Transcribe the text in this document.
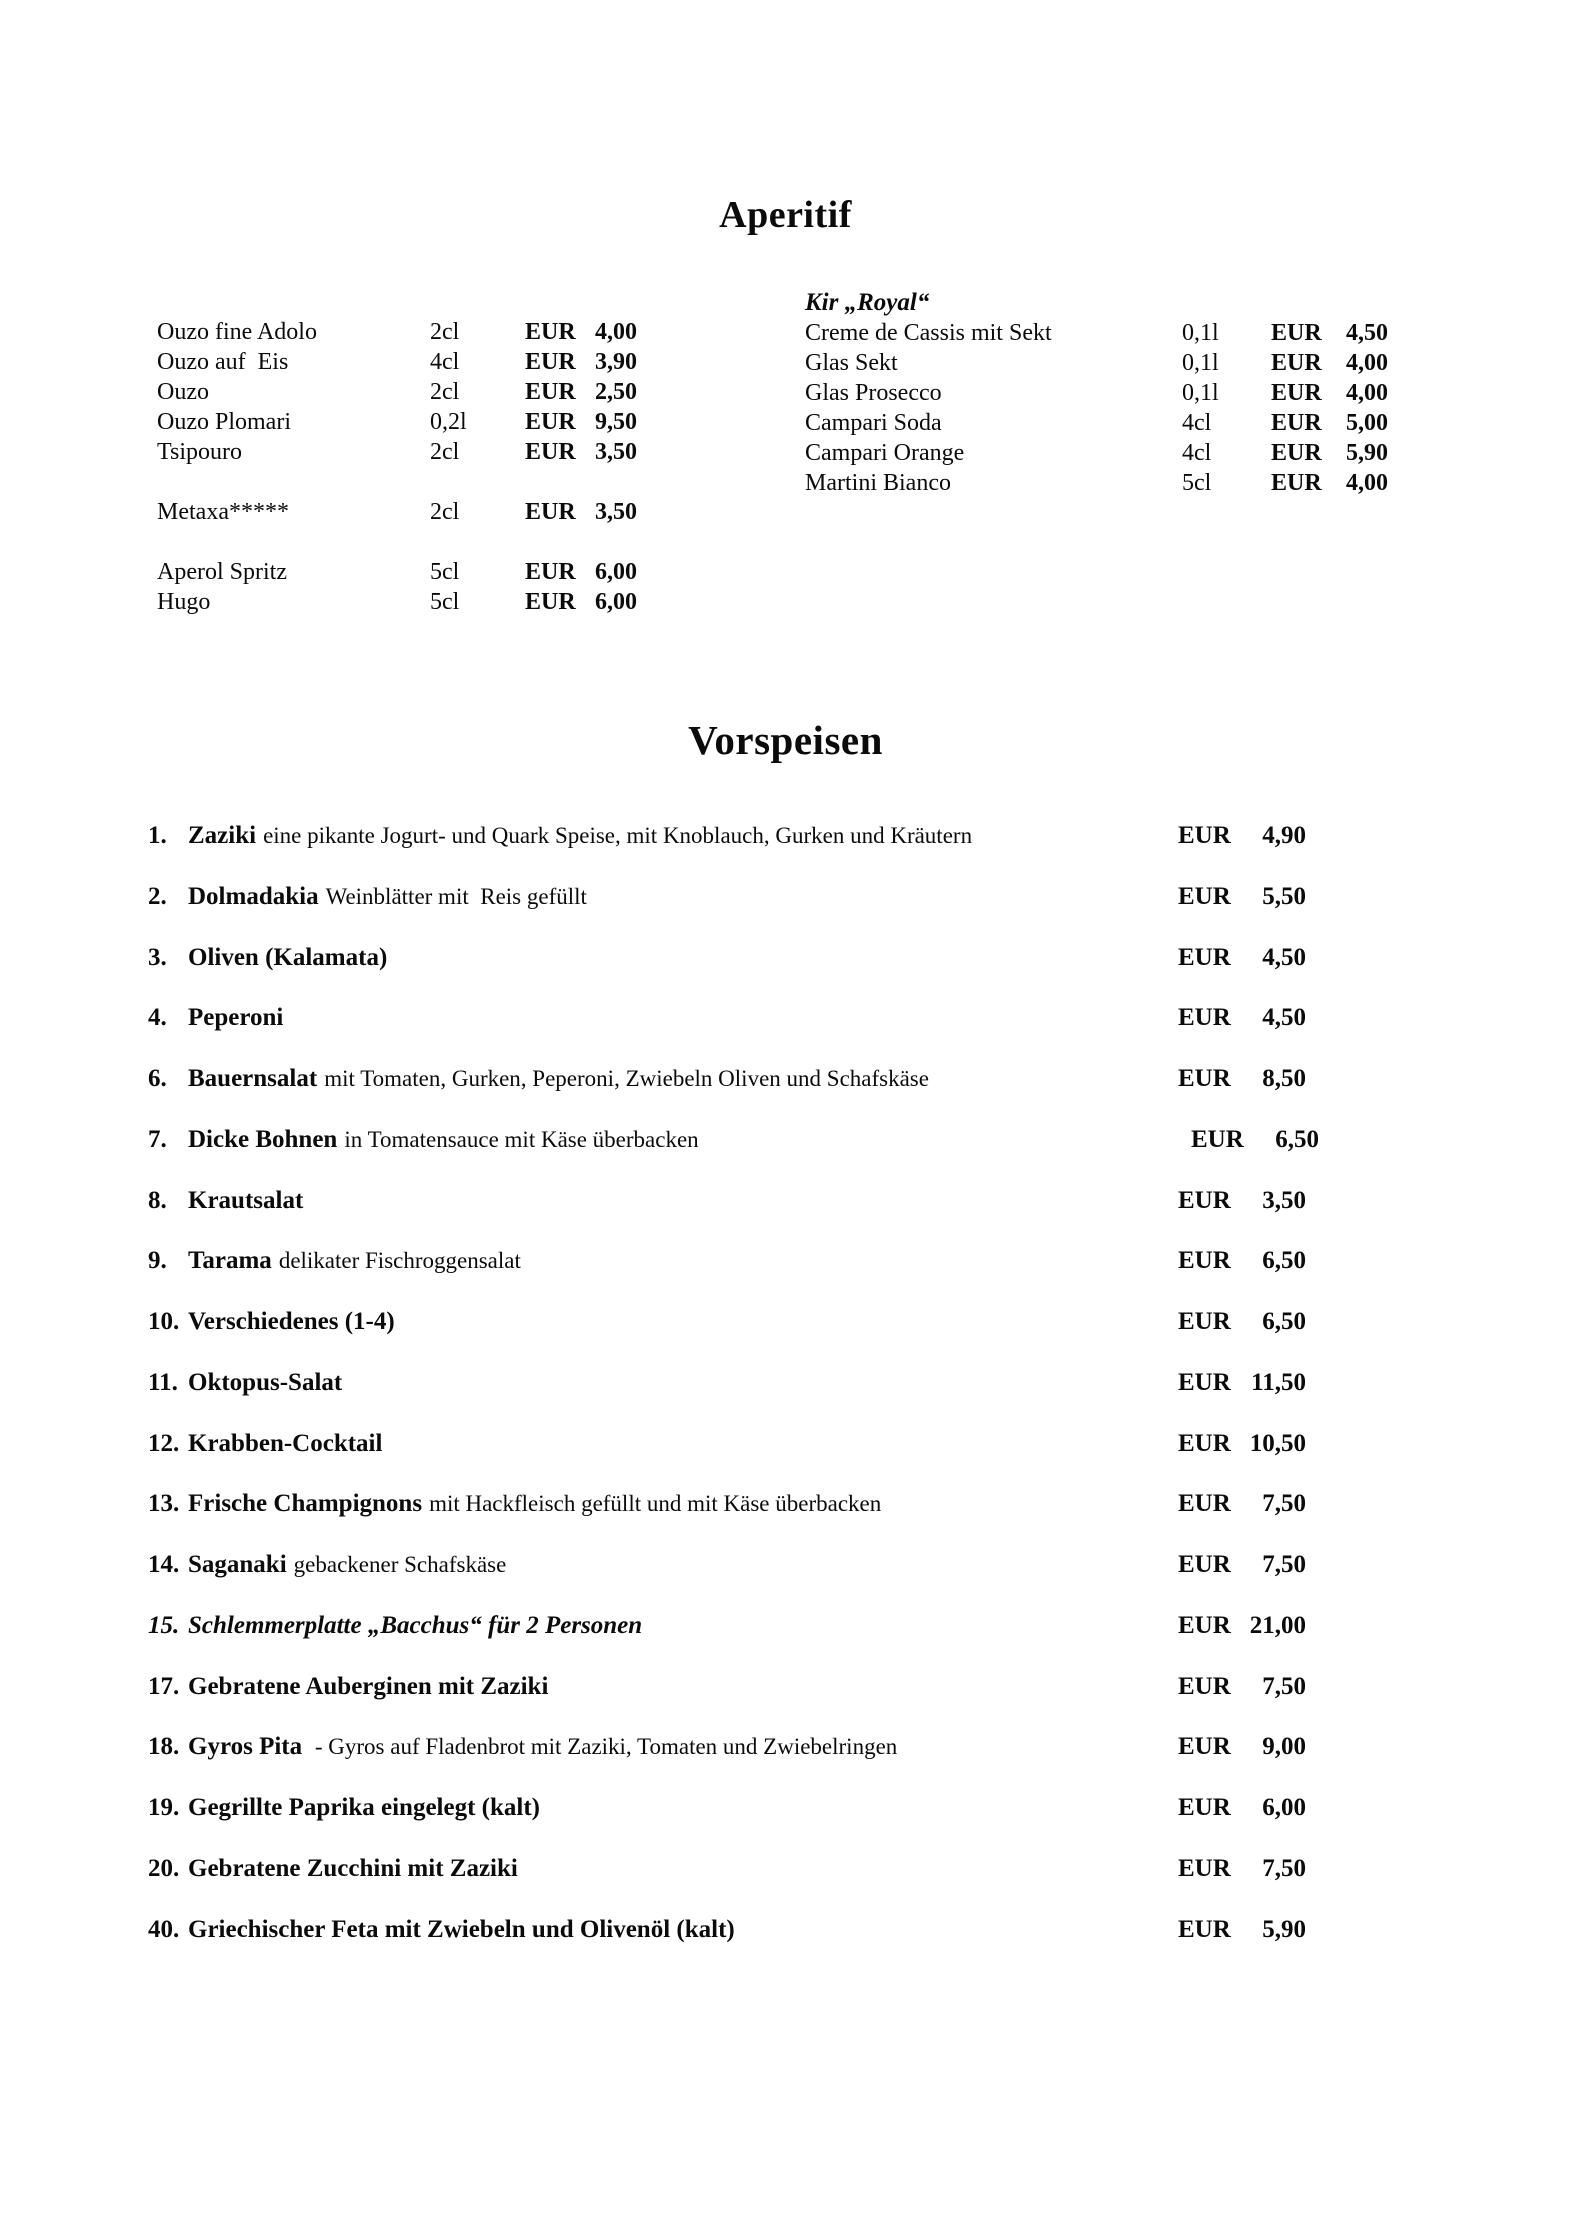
Aperitif
Ouzo fine Adolo	2cl	EUR 4,00
Ouzo auf  Eis	4cl	EUR 3,90
Ouzo	2cl	EUR 2,50
Ouzo Plomari	0,2l	EUR 9,50
Tsipouro	2cl	EUR 3,50
Metaxa*****	2cl	EUR 3,50
Aperol Spritz	5cl	EUR 6,00
Hugo	5cl	EUR 6,00
Kir „Royal“
Creme de Cassis mit Sekt	0,1l	EUR 4,50
Glas Sekt	0,1l	EUR 4,00
Glas Prosecco	0,1l	EUR 4,00
Campari Soda	4cl	EUR 5,00
Campari Orange	4cl	EUR 5,90
Martini Bianco	5cl	EUR 4,00
Vorspeisen
1. Zaziki eine pikante Jogurt- und Quark Speise, mit Knoblauch, Gurken und Kräutern	EUR 4,90
2. Dolmadakia Weinblätter mit  Reis gefüllt	EUR 5,50
3. Oliven (Kalamata)	EUR 4,50
4. Peperoni	EUR 4,50
6. Bauernsalat mit Tomaten, Gurken, Peperoni, Zwiebeln Oliven und Schafskäse	EUR 8,50
7. Dicke Bohnen in Tomatensauce mit Käse überbacken	EUR 6,50
8. Krautsalat	EUR 3,50
9. Tarama delikater Fischroggensalat	EUR 6,50
10. Verschiedenes (1-4)	EUR 6,50
11. Oktopus-Salat	EUR 11,50
12. Krabben-Cocktail	EUR 10,50
13. Frische Champignons mit Hackfleisch gefüllt und mit Käse überbacken	EUR 7,50
14. Saganaki gebackener Schafskäse	EUR 7,50
15. Schlemmerplatte „Bacchus“ für 2 Personen	EUR 21,00
17. Gebratene Auberginen mit Zaziki	EUR 7,50
18. Gyros Pita - Gyros auf Fladenbrot mit Zaziki, Tomaten und Zwiebelringen	EUR 9,00
19. Gegrillte Paprika eingelegt (kalt)	EUR 6,00
20. Gebratene Zucchini mit Zaziki	EUR 7,50
40. Griechischer Feta mit Zwiebeln und Olivenöl (kalt)	EUR 5,90
